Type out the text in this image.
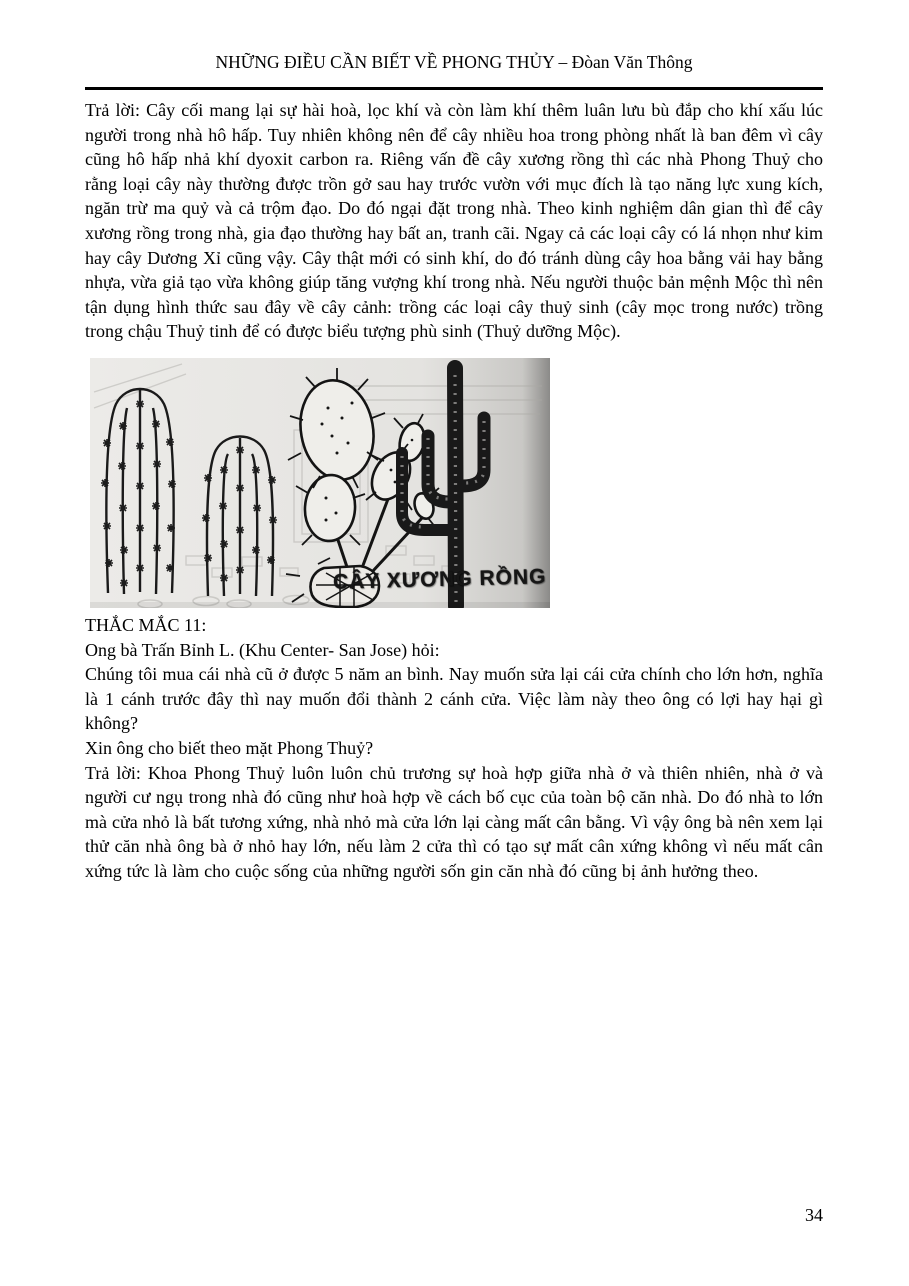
NHỮNG ĐIỀU CẦN BIẾT VỀ PHONG THỦY – Đòan Văn Thông

Trả lời: Cây cối mang lại sự hài hoà, lọc khí và còn làm khí thêm luân lưu bù đắp cho khí xấu lúc người trong nhà hô hấp. Tuy nhiên không nên để cây nhiều hoa trong phòng nhất là ban đêm vì cây cũng hô hấp nhả khí dyoxit carbon ra. Riêng vấn đề cây xương rồng thì các nhà Phong Thuỷ cho rằng loại cây này thường được trồn gở sau hay trước vườn với mục đích là tạo năng lực xung kích, ngăn trừ ma quỷ và cả trộm đạo. Do đó ngại đặt trong nhà. Theo kinh nghiệm dân gian thì để cây xương rồng trong nhà, gia đạo thường hay bất an, tranh cãi. Ngay cả các loại cây có lá nhọn như kim hay cây Dương Xỉ cũng vậy. Cây thật mới có sinh khí, do đó tránh dùng cây hoa bằng vải hay bằng nhựa, vừa giả tạo vừa không giúp tăng vượng khí trong nhà. Nếu người thuộc bản mệnh Mộc thì nên tận dụng hình thức sau đây về cây cảnh: trồng các loại cây thuỷ sinh (cây mọc trong nước) trồng trong chậu Thuỷ tinh để có được biểu tượng phù sinh (Thuỷ dưỡng Mộc).

CÂY XƯƠNG RỒNG
THẮC MẮC 11:
Ong bà Trấn Bỉnh L. (Khu Center- San Jose) hỏi:

Chúng tôi mua cái nhà cũ ở được 5 năm an bình. Nay muốn sửa lại cái cửa chính cho lớn hơn, nghĩa là 1 cánh trước đây thì nay muốn đổi thành 2 cánh cửa. Việc làm này theo ông có lợi hay hại gì không?

Xin ông cho biết theo mặt Phong Thuỷ?

Trả lời: Khoa Phong Thuỷ luôn luôn chủ trương sự hoà hợp giữa nhà ở và thiên nhiên, nhà ở và người cư ngụ trong nhà đó cũng như hoà hợp về cách bố cục của toàn bộ căn nhà. Do đó nhà to lớn mà cửa nhỏ là bất tương xứng, nhà nhỏ mà cửa lớn lại càng mất cân bằng. Vì vậy ông bà nên xem lại thử căn nhà ông bà ở nhỏ hay lớn, nếu làm 2 cửa thì có tạo sự mất cân xứng không vì nếu mất cân xứng tức là làm cho cuộc sống của những người sốn gin căn nhà đó cũng bị ảnh hưởng theo.

34
